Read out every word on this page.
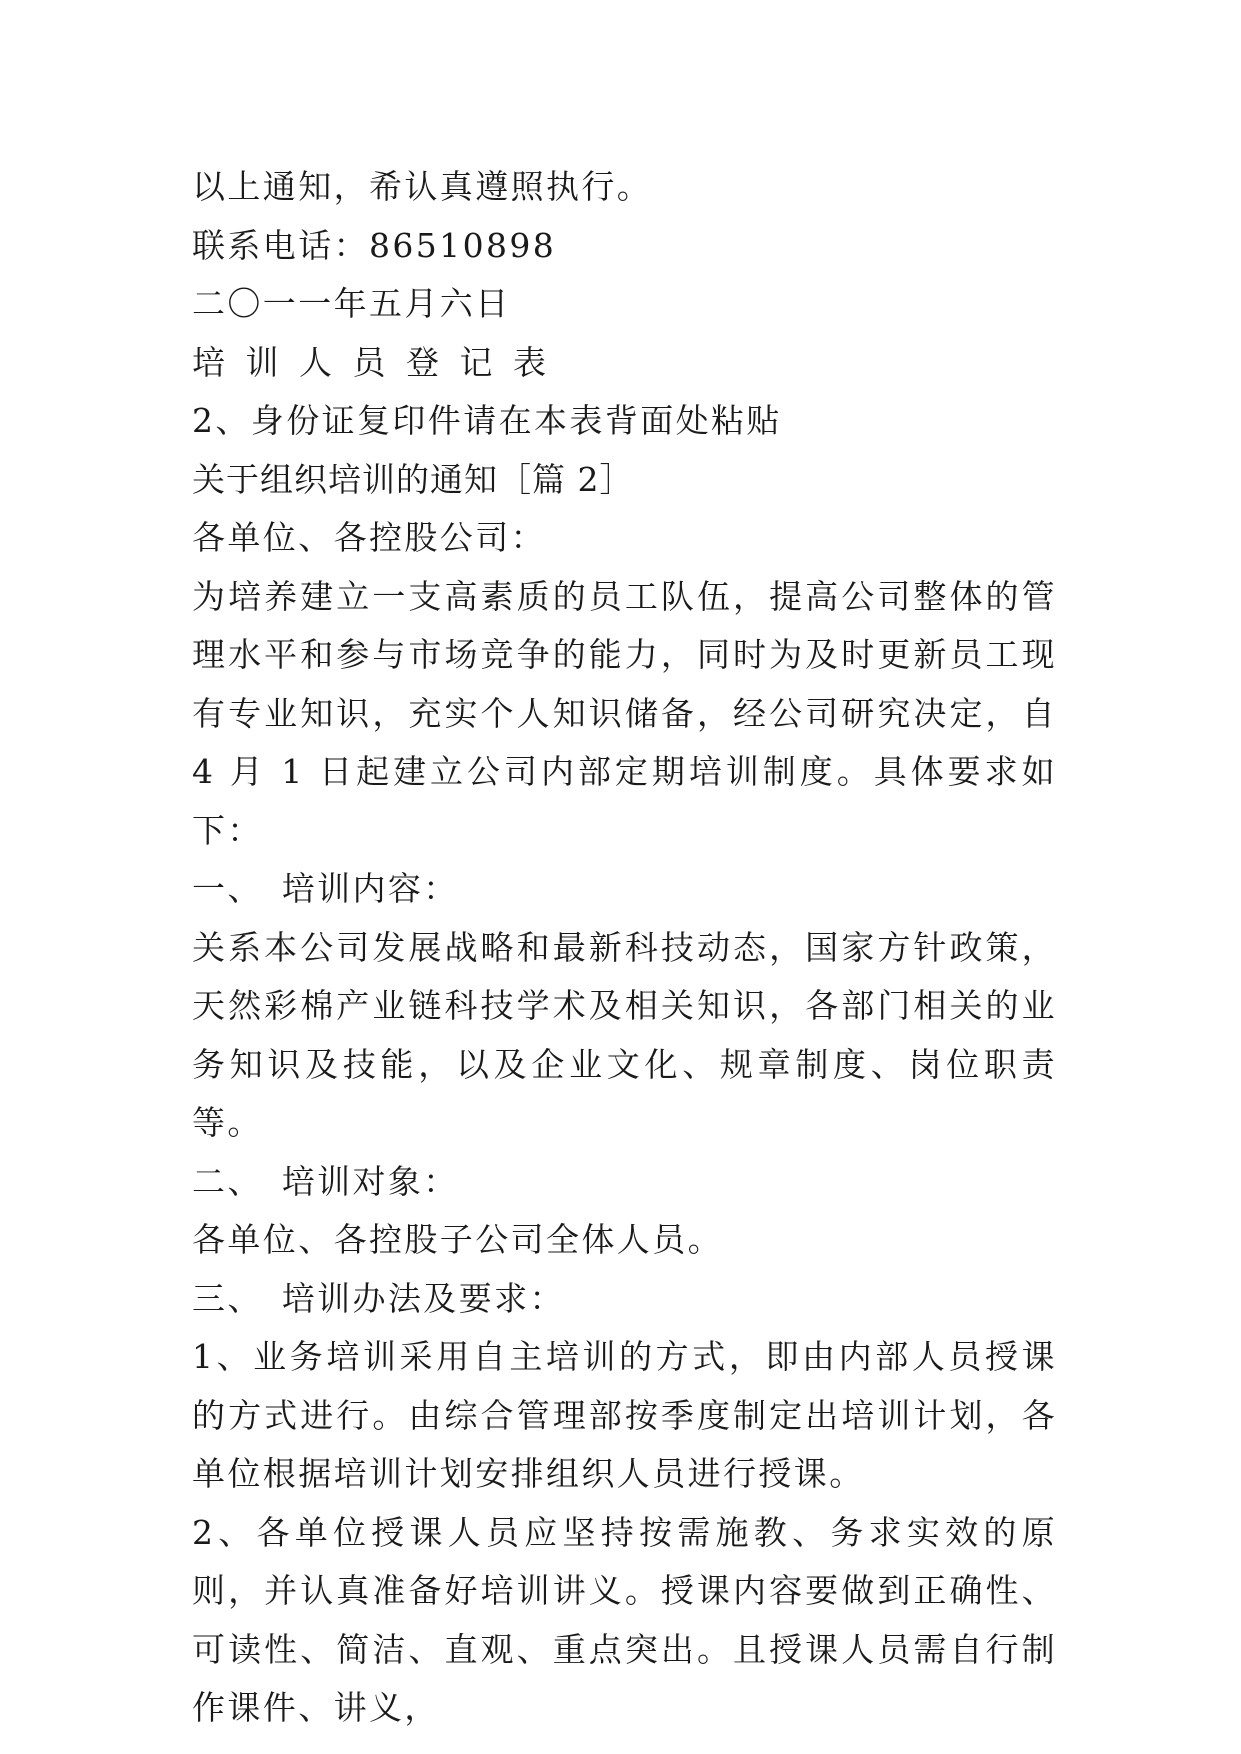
以上通知，希认真遵照执行。

联系电话：86510898

二〇一一年五月六日

培 训 人 员 登 记 表

2、身份证复印件请在本表背面处粘贴

关于组织培训的通知［篇 2］

各单位、各控股公司：

为培养建立一支高素质的员工队伍，提高公司整体的管理水平和参与市场竞争的能力，同时为及时更新员工现有专业知识，充实个人知识储备，经公司研究决定，自 4 月 1 日起建立公司内部定期培训制度。具体要求如下：

一、　培训内容：

关系本公司发展战略和最新科技动态，国家方针政策，天然彩棉产业链科技学术及相关知识，各部门相关的业务知识及技能，以及企业文化、规章制度、岗位职责等。

二、　培训对象：

各单位、各控股子公司全体人员。

三、　培训办法及要求：

1、业务培训采用自主培训的方式，即由内部人员授课的方式进行。由综合管理部按季度制定出培训计划，各单位根据培训计划安排组织人员进行授课。

2、各单位授课人员应坚持按需施教、务求实效的原则，并认真准备好培训讲义。授课内容要做到正确性、可读性、简洁、直观、重点突出。且授课人员需自行制作课件、讲义，
